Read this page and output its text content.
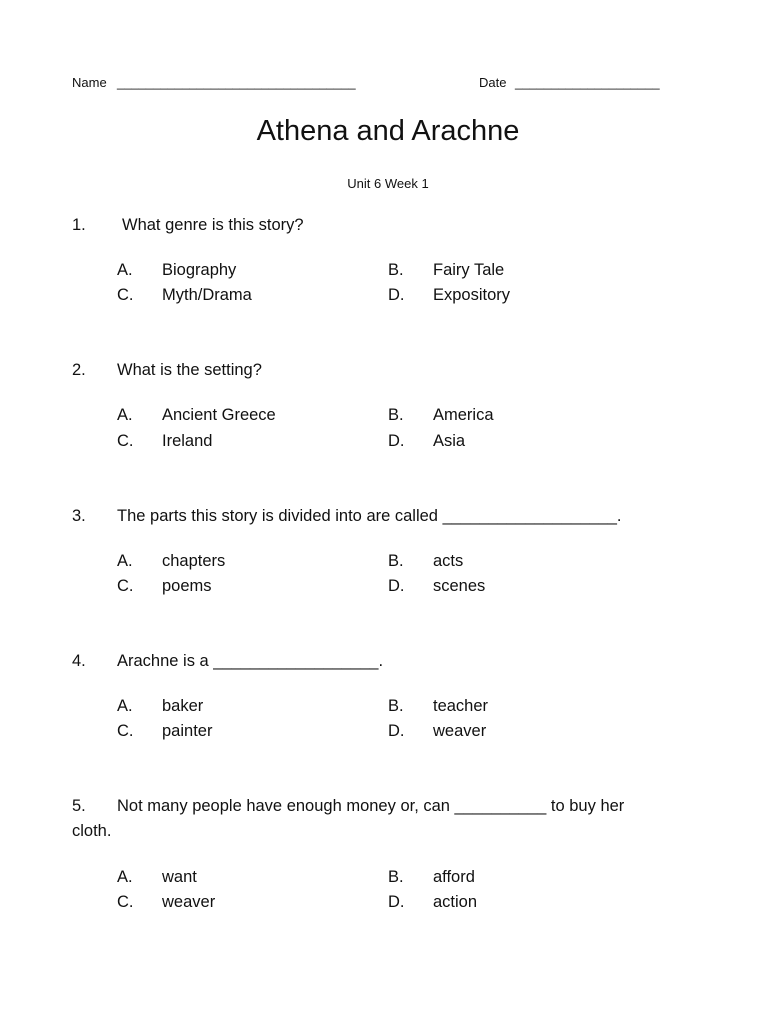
Name _________________________________	Date ____________________
Athena and Arachne
Unit 6 Week 1
1. What genre is this story?
A. Biography	B. Fairy Tale
C. Myth/Drama	D. Expository
2. What is the setting?
A. Ancient Greece	B. America
C. Ireland	D. Asia
3. The parts this story is divided into are called ___________________.
A. chapters	B. acts
C. poems	D. scenes
4. Arachne is a __________________.
A. baker	B. teacher
C. painter	D. weaver
5. Not many people have enough money or, can __________ to buy her
cloth.
A. want	B. afford
C. weaver	D. action
